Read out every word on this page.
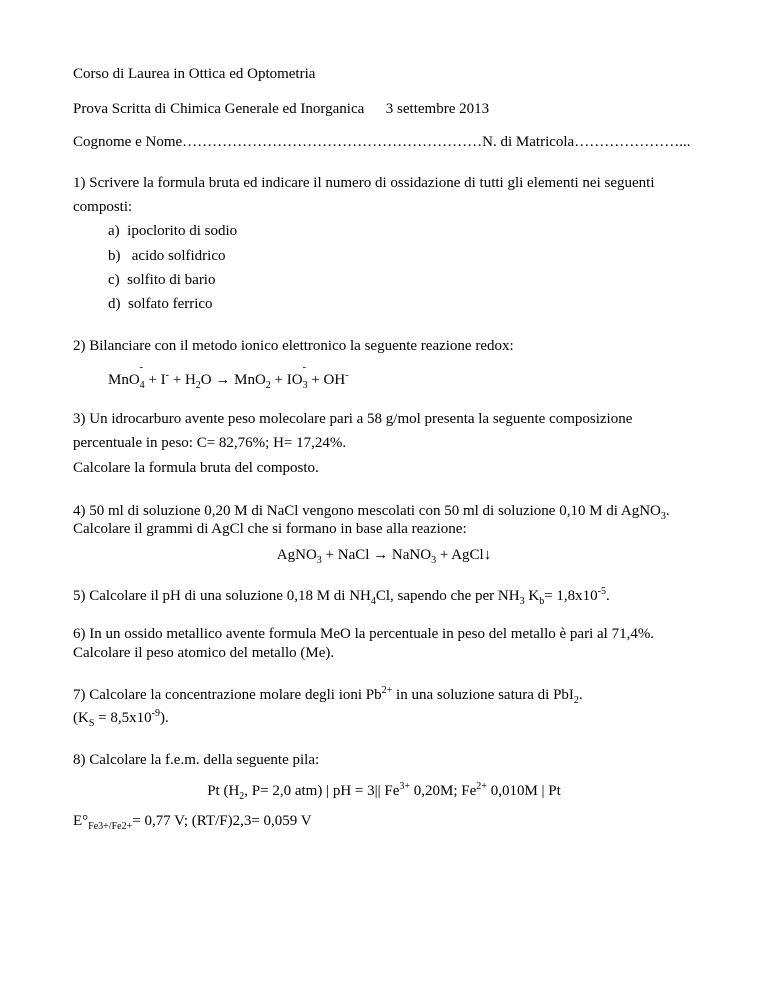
Corso di Laurea in Ottica ed Optometria
Prova Scritta di Chimica Generale ed Inorganica 3 settembre 2013
Cognome e Nome……………………………………………………N. di Matricola…………………...
1) Scrivere la formula bruta ed indicare il numero di ossidazione di tutti gli elementi nei seguenti
composti:
a) ipoclorito di sodio
b)   acido solfidrico
c) solfito di bario
d) solfato ferrico
2) Bilanciare con il metodo ionico elettronico la seguente reazione redox:
MnO$_4$
-
+ $I^- + H_2O \to MnO_2 + IO_3$
-
+ OH-
3) Un idrocarburo avente peso molecolare pari a 58 g/mol presenta la seguente composizione
percentuale in peso: C= 82,76%; H= 17,24%.
Calcolare la formula bruta del composto.
4) 50 ml di soluzione 0,20 M di NaCl vengono mescolati con 50 ml di soluzione 0,10 M di AgNO$_3$.
Calcolare il grammi di AgCl che si formano in base alla reazione:
AgNO$_3$ + NaCl → NaNO$_3$ + AgCl↓
5) Calcolare il pH di una soluzione 0,18 M di $NH_4Cl$, sapendo che per $NH_3$ $K_b= 1,8x10^{-5}$.
6) In un ossido metallico avente formula MeO la percentuale in peso del metallo è pari al 71,4%.
Calcolare il peso atomico del metallo (Me).
7) Calcolare la concentrazione molare degli ioni $Pb^{2+}$ in una soluzione satura di PbI$_2$.
$(K_S = 8,5x10^{-9})$.
8) Calcolare la f.e.m. della seguente pila:
Pt ($H_2$, P= 2,0 atm) | pH = 3|| $Fe^{3+}$ 0,20M; $Fe^{2+}$ 0,010M | Pt
$E^\circ_{Fe3+/Fe2+}= 0,77$ V; (RT/F)2,3= 0,059 V
